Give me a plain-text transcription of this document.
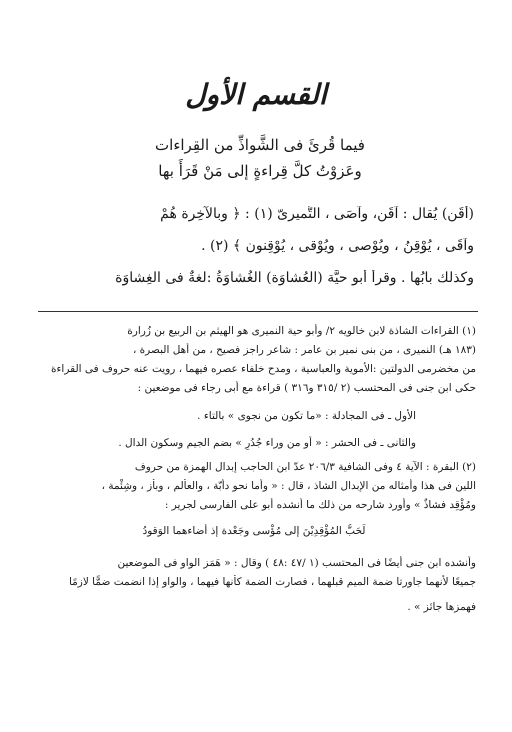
القسم الأول
فيما قُرئَ فى الشَّواذِّ من القِراءات
وعَزوْتُ كلَّ قِراءةٍ إلى مَنْ قَرَأَ بها
(أَقَن) يُقال : آقَن، وآصَى ، التُّميرىّ (١) : ﴿ وبالآخِرة هُمْ
وآقَى ، يُوْقِنُ ، ويُوْصى ، ويُوْقى ، يُوْقِنون ﴾ (٢) .
وكذلك بابُها . وقرأ أبو حيَّة (العُشاوَة) الغُشاوَةُ :لغةٌ فى الغِشاوَة
(١) القراءات الشاذة لابن خالويه ٢/ وأبو حية النميرى هو الهيثم بن الربيع بن زُرارة
(١٨٣ هـ) النميرى ، من بنى نمير بن عامر : شاعر راجز فصيح ، من أهل البصرة ،
من مخضرمى الدولتين :الأموية والعباسية ، ومدح خلفاء عصره فيهما ، رويت عنه حروف فى القراءة
حكى ابن جنى فى المحتسب (٢ /٣١٥ و٣١٦ ) قراءة مع أبى رجاء فى موضعين :
الأول ـ فى المجادلة : «ما تكون من نجوى » بالتاء .
والثانى ـ فى الحشر : « أو من وراء جُدُرِ » بضم الجيم وسكون الدال .
(٢) البقرة : الآية ٤ وفى الشافية ٢٠٦/٣ عدّ ابن الحاجب إبدال الهمزة من حروف
اللين فى هذا وأمثاله من الإبدال الشاذ ، قال : « وأما نحو دأبّة ، والعألم ، وبأز ، وشِئْمة ،
ومُؤْقِد فشاذٌ » وأورد شارحه من ذلك ما أنشده أبو على الفارسى لجرير :
لَحَبُّ المُؤْقِدِيْنَ إلى مُؤْسى وجَعْدة إذ أضاءهما الوَقودُ
وأنشده ابن جنى أيضًا فى المحتسب (١ /٤٧ :٤٨ ) وقال : « هَمَز الواو فى الموضعين
جميعًا لأنهما جاورتا ضمة الميم قبلهما ، فصارت الضمة كأنها فيهما ، والواو إذا انضمت ضمًّا لازمًا
فهمزها جائز » .
